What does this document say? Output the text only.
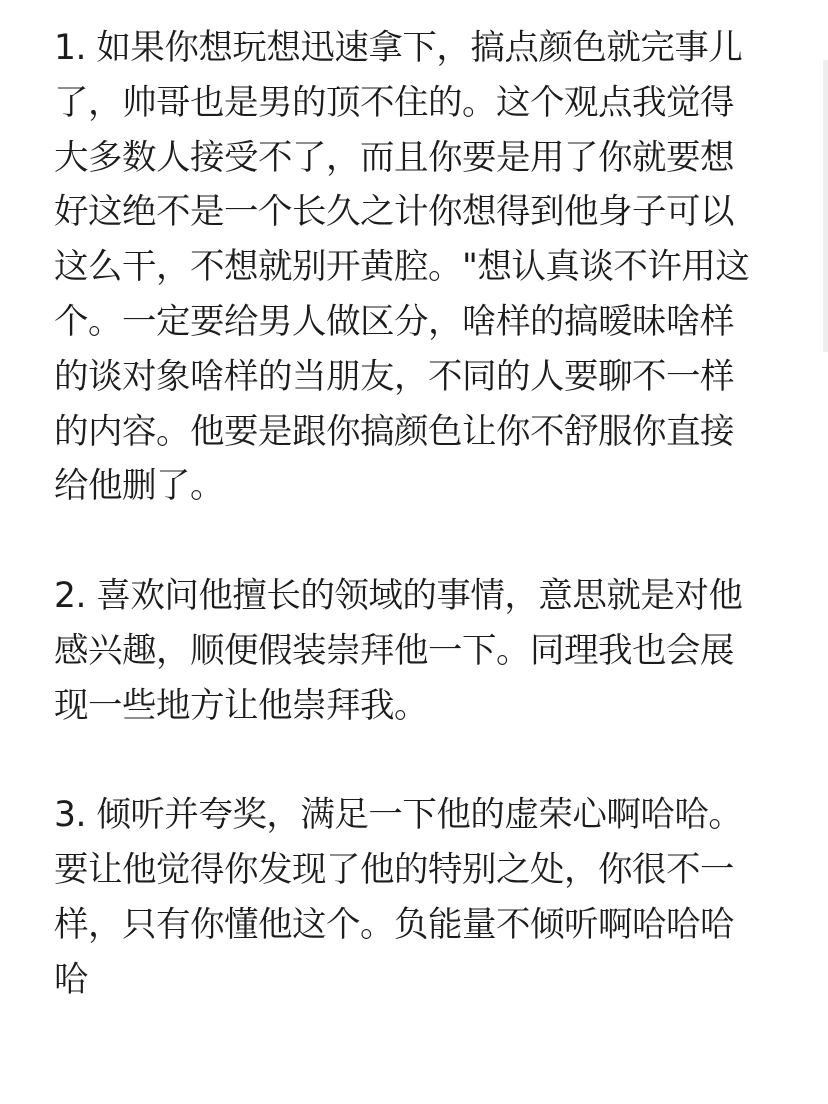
1. 如果你想玩想迅速拿下，搞点颜色就完事儿
了，帅哥也是男的顶不住的。这个观点我觉得
大多数人接受不了，而且你要是用了你就要想
好这绝不是一个长久之计你想得到他身子可以
这么干，不想就别开黄腔。"想认真谈不许用这
个。一定要给男人做区分，啥样的搞暧昧啥样
的谈对象啥样的当朋友，不同的人要聊不一样
的内容。他要是跟你搞颜色让你不舒服你直接
给他删了。

2. 喜欢问他擅长的领域的事情，意思就是对他
感兴趣，顺便假装崇拜他一下。同理我也会展
现一些地方让他崇拜我。

3. 倾听并夸奖，满足一下他的虚荣心啊哈哈。
要让他觉得你发现了他的特别之处，你很不一
样，只有你懂他这个。负能量不倾听啊哈哈哈
哈
